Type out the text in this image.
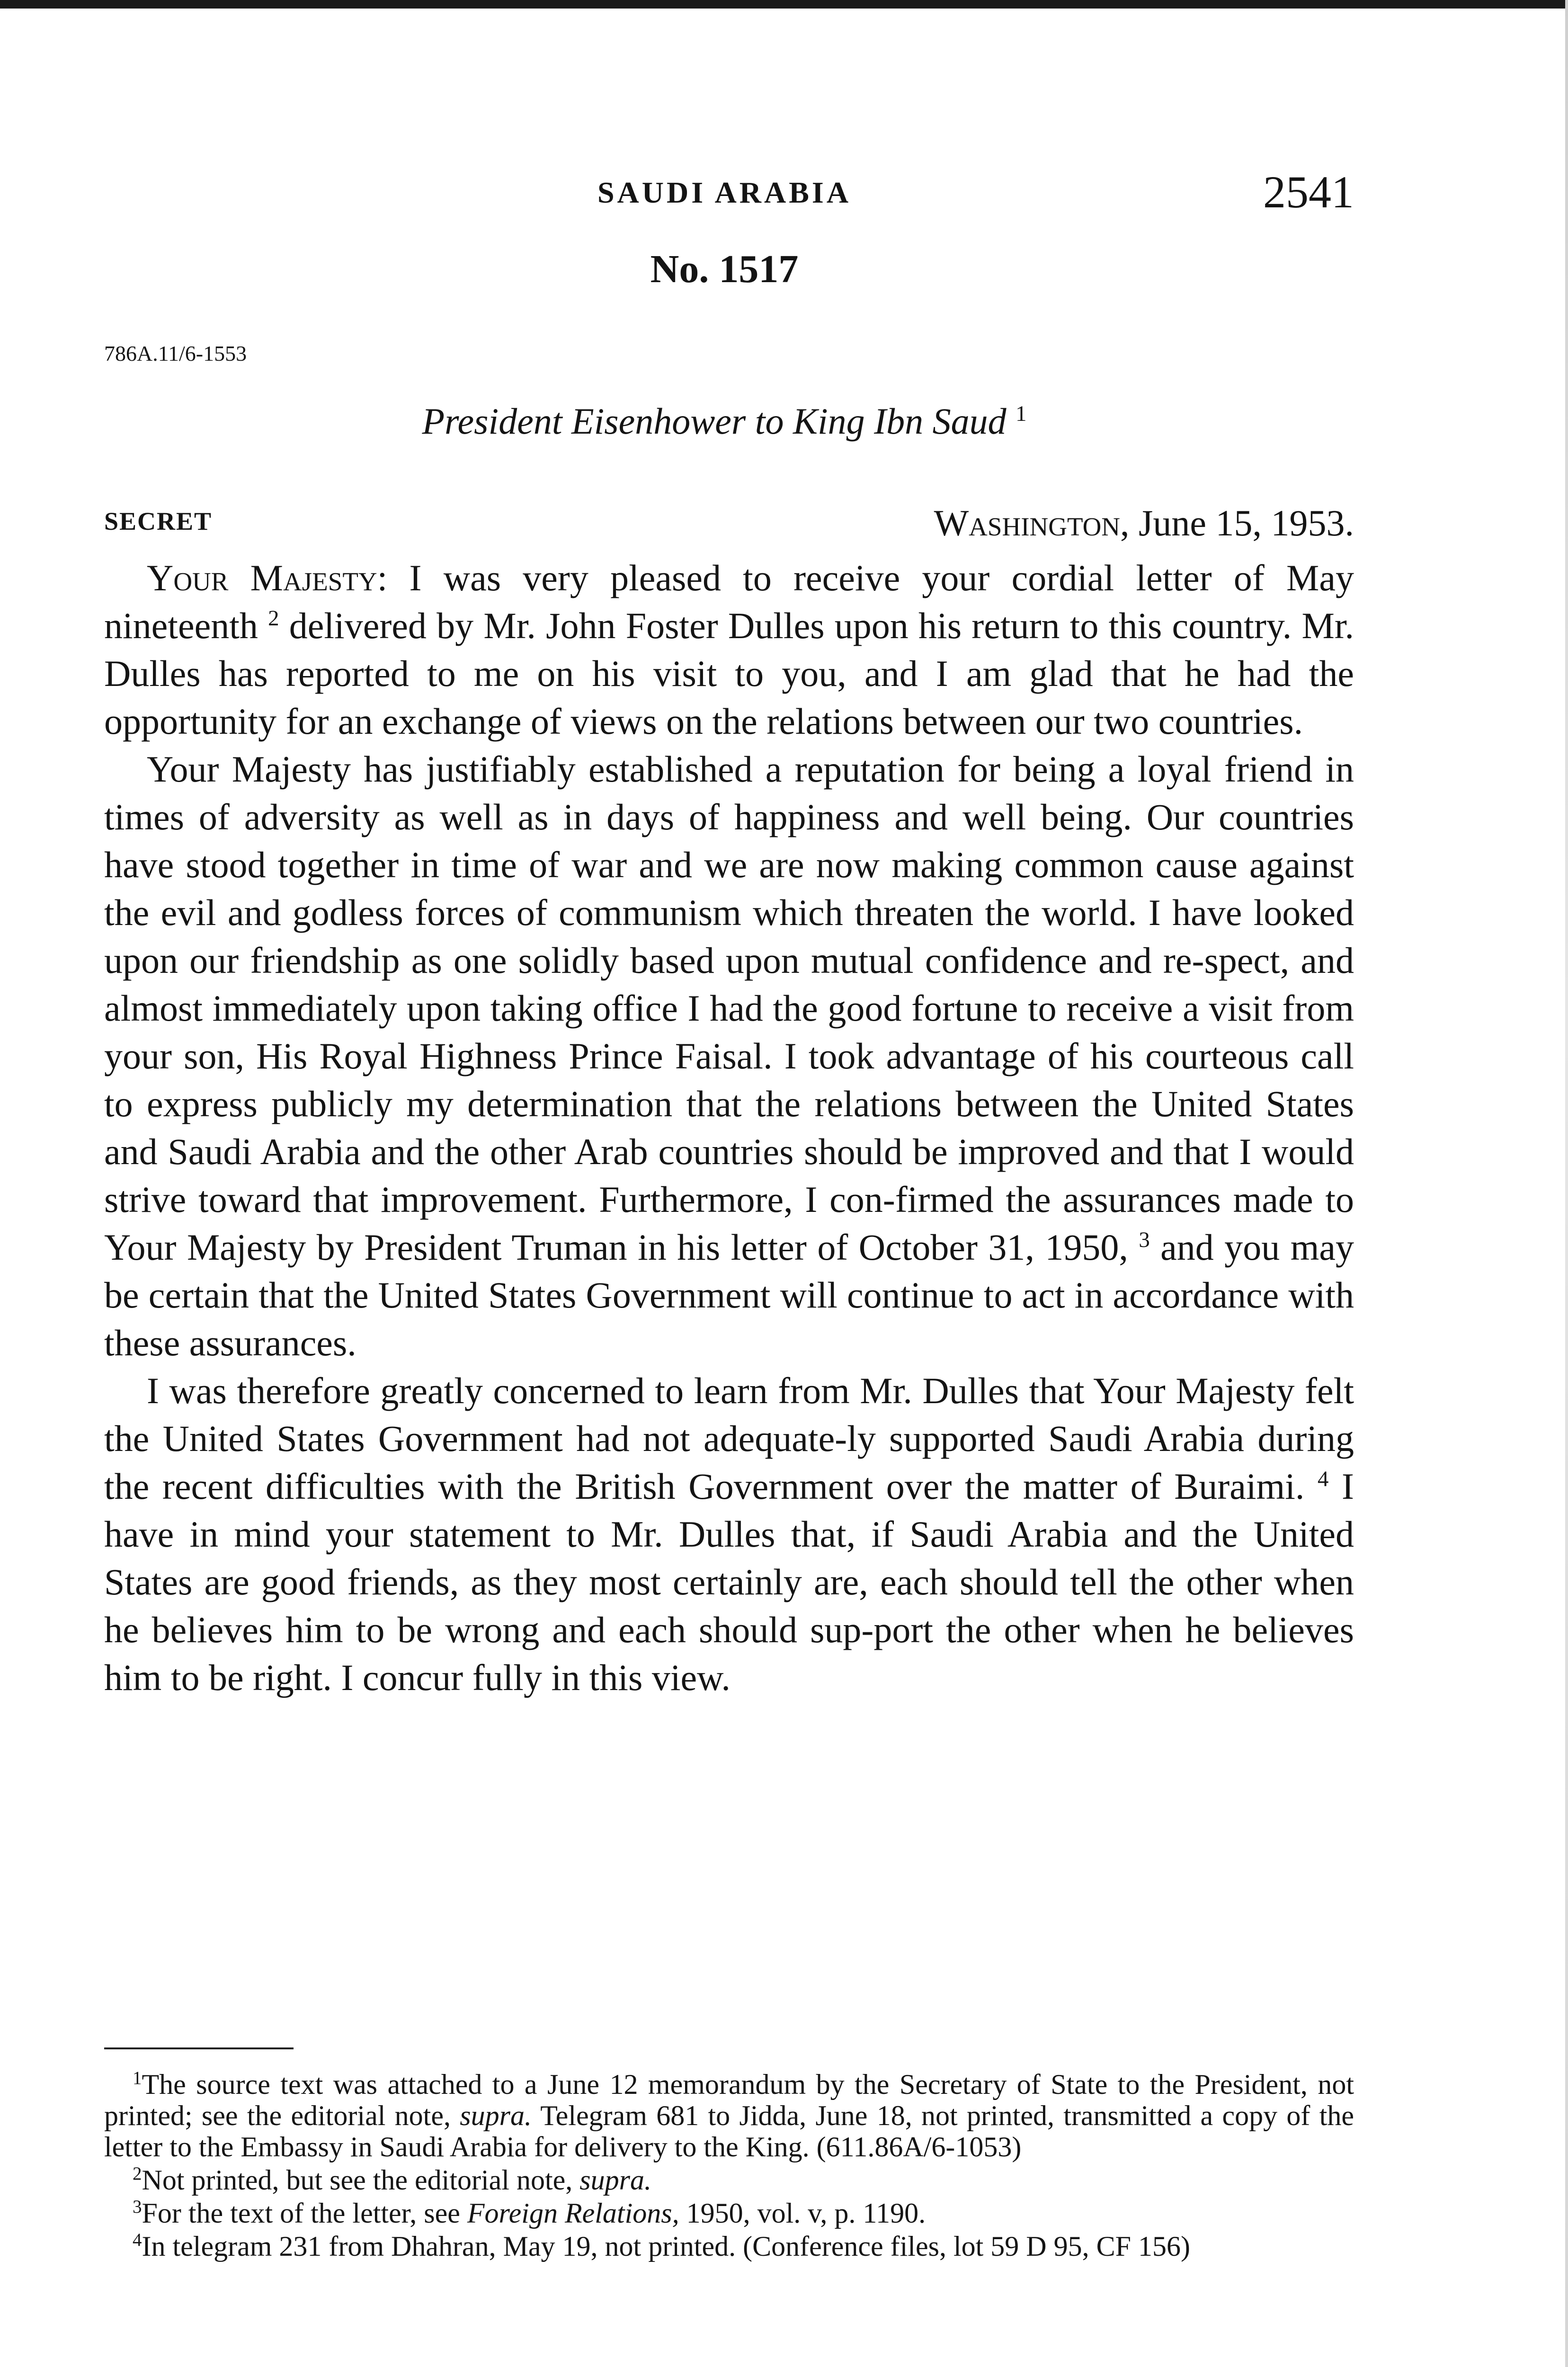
SAUDI ARABIA	2541
No. 1517
786A.11/6-1553
President Eisenhower to King Ibn Saud $^1$
SECRET	Washington, June 15, 1953.

Your Majesty: I was very pleased to receive your cordial letter of May nineteenth $^2$ delivered by Mr. John Foster Dulles upon his return to this country. Mr. Dulles has reported to me on his visit to you, and I am glad that he had the opportunity for an exchange of views on the relations between our two countries.

Your Majesty has justifiably established a reputation for being a loyal friend in times of adversity as well as in days of happiness and well being. Our countries have stood together in time of war and we are now making common cause against the evil and godless forces of communism which threaten the world. I have looked upon our friendship as one solidly based upon mutual confidence and re-spect, and almost immediately upon taking office I had the good fortune to receive a visit from your son, His Royal Highness Prince Faisal. I took advantage of his courteous call to express publicly my determination that the relations between the United States and Saudi Arabia and the other Arab countries should be improved and that I would strive toward that improvement. Furthermore, I con-firmed the assurances made to Your Majesty by President Truman in his letter of October 31, 1950, $^3$ and you may be certain that the United States Government will continue to act in accordance with these assurances.

I was therefore greatly concerned to learn from Mr. Dulles that Your Majesty felt the United States Government had not adequate-ly supported Saudi Arabia during the recent difficulties with the British Government over the matter of Buraimi. $^4$ I have in mind your statement to Mr. Dulles that, if Saudi Arabia and the United States are good friends, as they most certainly are, each should tell the other when he believes him to be wrong and each should sup-port the other when he believes him to be right. I concur fully in this view.

$^1$The source text was attached to a June 12 memorandum by the Secretary of State to the President, not printed; see the editorial note, supra. Telegram 681 to Jidda, June 18, not printed, transmitted a copy of the letter to the Embassy in Saudi Arabia for delivery to the King. (611.86A/6-1053)

$^2$Not printed, but see the editorial note, supra.

$^3$For the text of the letter, see Foreign Relations, 1950, vol. v, p. 1190.

$^4$In telegram 231 from Dhahran, May 19, not printed. (Conference files, lot 59 D 95, CF 156)
